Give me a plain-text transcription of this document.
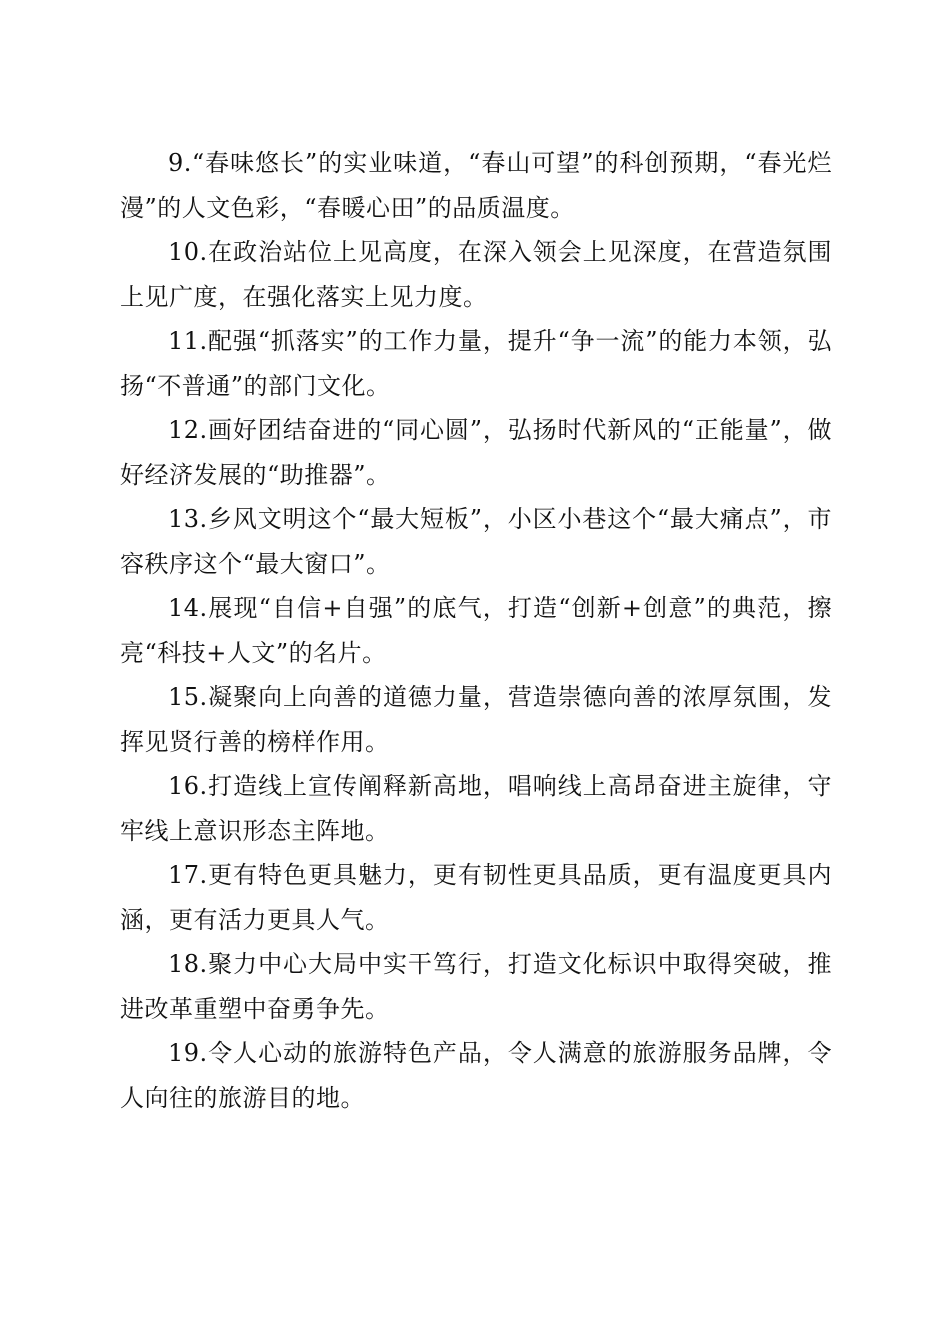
9.“春味悠长”的实业味道，“春山可望”的科创预期，“春光烂漫”的人文色彩，“春暖心田”的品质温度。

10.在政治站位上见高度，在深入领会上见深度，在营造氛围上见广度，在强化落实上见力度。

11.配强“抓落实”的工作力量，提升“争一流”的能力本领，弘扬“不普通”的部门文化。

12.画好团结奋进的“同心圆”，弘扬时代新风的“正能量”，做好经济发展的“助推器”。

13.乡风文明这个“最大短板”，小区小巷这个“最大痛点”，市容秩序这个“最大窗口”。

14.展现“自信+自强”的底气，打造“创新+创意”的典范，擦亮“科技+人文”的名片。

15.凝聚向上向善的道德力量，营造崇德向善的浓厚氛围，发挥见贤行善的榜样作用。

16.打造线上宣传阐释新高地，唱响线上高昂奋进主旋律，守牢线上意识形态主阵地。

17.更有特色更具魅力，更有韧性更具品质，更有温度更具内涵，更有活力更具人气。

18.聚力中心大局中实干笃行，打造文化标识中取得突破，推进改革重塑中奋勇争先。

19.令人心动的旅游特色产品，令人满意的旅游服务品牌，令人向往的旅游目的地。
